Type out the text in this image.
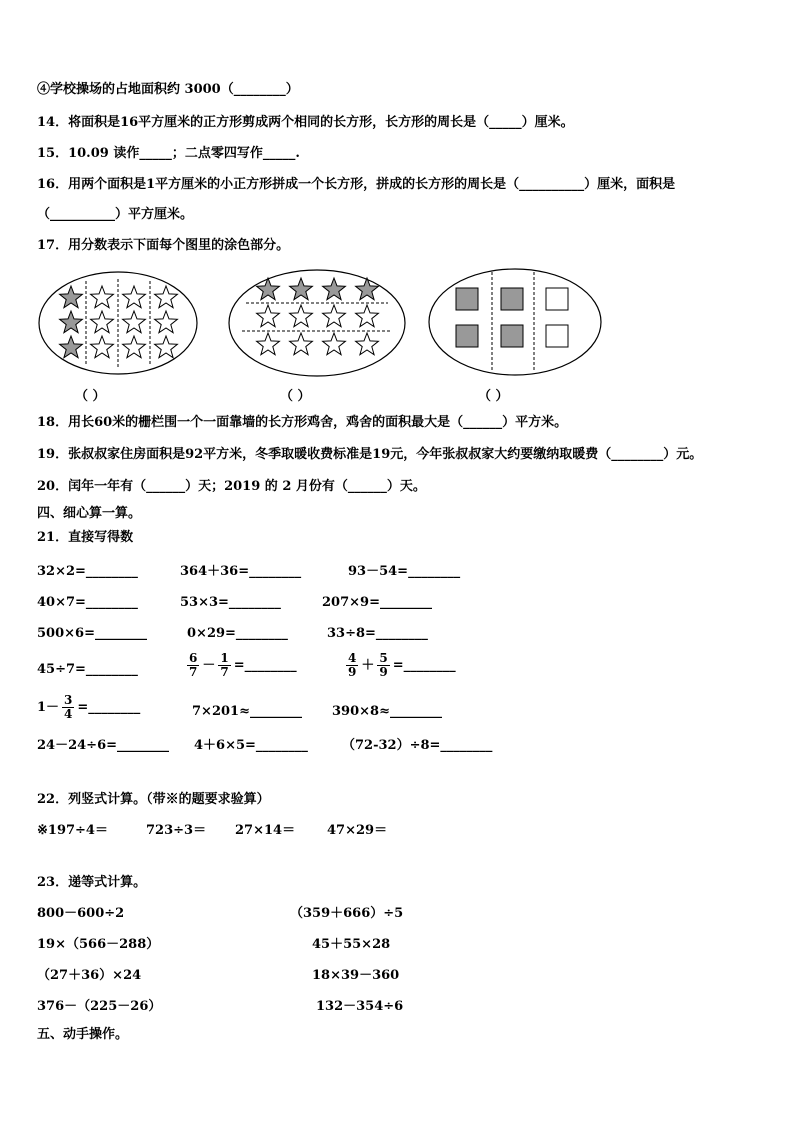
④学校操场的占地面积约 3000（________）
14．将面积是16平方厘米的正方形剪成两个相同的长方形，长方形的周长是（_____）厘米。
15．10.09 读作_____；二点零四写作_____.
16．用两个面积是1平方厘米的小正方形拼成一个长方形，拼成的长方形的周长是（__________）厘米，面积是
（__________）平方厘米。
17．用分数表示下面每个图里的涂色部分。
（ ）	（ ）	（ ）
18．用长60米的栅栏围一个一面靠墙的长方形鸡舍，鸡舍的面积最大是（______）平方米。
19．张叔叔家住房面积是92平方米，冬季取暖收费标准是19元，今年张叔叔家大约要缴纳取暖费（________）元。
20．闰年一年有（______）天；2019 的 2 月份有（______）天。
四、细心算一算。
21．直接写得数
32×2=________	364＋36=________	93－54=________
40×7=________	53×3=________	207×9=________
500×6=________	0×29=________	33÷8=________
45÷7=________	$\frac{6}{7} - \frac{1}{7}$ =________	$\frac{4}{9} + \frac{5}{9}$ =________
$1- \frac{3}{4}$ =________	7×201≈________ 390×8≈________
24－24÷6=________ 4＋6×5=________	（72-32）÷8=________
22．列竖式计算。（带※的题要求验算）
※197÷4＝	723÷3＝ 27×14＝ 47×29＝
23．递等式计算。
800－600÷2	（359＋666）÷5
19×（566－288）	45＋55×28
（27＋36）×24	18×39－360
376－（225－26）	132－354÷6
五、动手操作。
